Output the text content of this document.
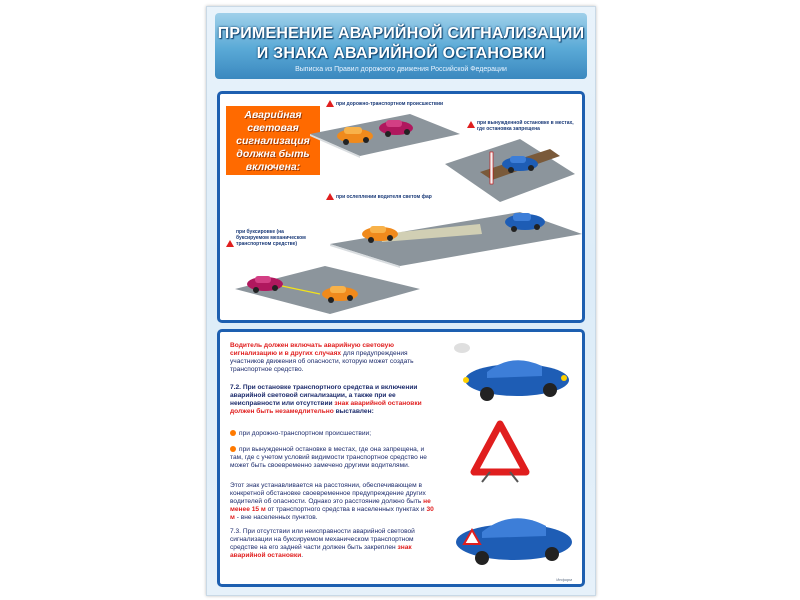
ПРИМЕНЕНИЕ АВАРИЙНОЙ СИГНАЛИЗАЦИИ
И ЗНАКА АВАРИЙНОЙ ОСТАНОВКИ
Выписка из Правил дорожного движения Российской Федерации
Аварийная световая сигнализация должна быть включена:
при дорожно-транспортном происшествии
при вынужденной остановке в местах, где остановка запрещена
при ослеплении водителя светом фар
при буксировке (на буксируемом механическом транспортном средстве)
Водитель должен включать аварийную световую сигнализацию и в других случаях для предупреждения участников движения об опасности, которую может создать транспортное средство.
7.2. При остановке транспортного средства и включении аварийной световой сигнализации, а также при ее неисправности или отсутствии знак аварийной остановки должен быть незамедлительно выставлен:
при дорожно-транспортном происшествии;
при вынужденной остановке в местах, где она запрещена, и там, где с учетом условий видимости транспортное средство не может быть своевременно замечено другими водителями.
Этот знак устанавливается на расстоянии, обеспечивающем в конкретной обстановке своевременное предупреждение других водителей об опасности. Однако это расстояние должно быть не менее 15 м от транспортного средства в населенных пунктах и 30 м - вне населенных пунктов.
7.3. При отсутствии или неисправности аварийной световой сигнализации на буксируемом механическом транспортном средстве на его задней части должен быть закреплен знак аварийной остановки.
Информ
